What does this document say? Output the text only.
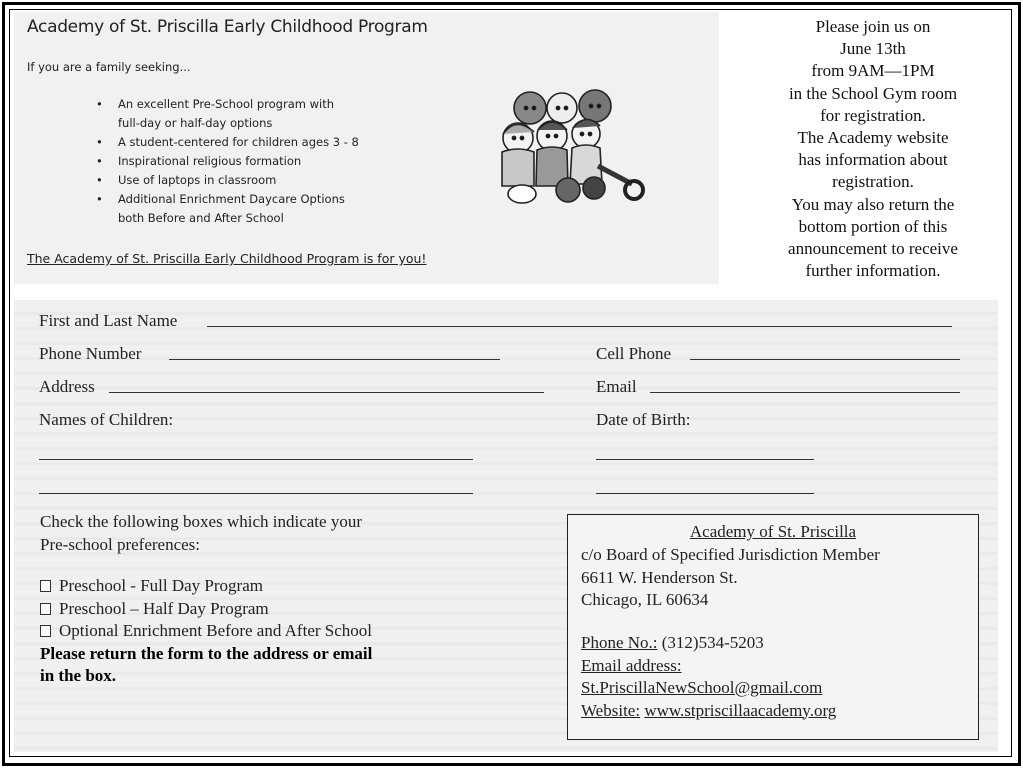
Academy of St. Priscilla Early Childhood Program
If you are a family seeking...
• An excellent Pre-School program with
full-day or half-day options
• A student-centered for children ages 3 - 8
• Inspirational religious formation
• Use of laptops in classroom
• Additional Enrichment Daycare Options
both Before and After School
The Academy of St. Priscilla Early Childhood Program is for you!
Please join us on
June 13th
from 9AM—1PM
in the School Gym room
for registration.
The Academy website
has information about
registration.
You may also return the
bottom portion of this
announcement to receive
further information.
First and Last Name
Phone Number	Cell Phone
Address	Email
Names of Children:	Date of Birth:
Check the following boxes which indicate your
Pre-school preferences:
Preschool - Full Day Program
Preschool – Half Day Program
Optional Enrichment Before and After School
Please return the form to the address or email
in the box.
Academy of St. Priscilla
c/o Board of Specified Jurisdiction Member
6611 W. Henderson St.
Chicago, IL 60634
Phone No.: (312)534-5203
Email address:
St.PriscillaNewSchool@gmail.com
Website: www.stpriscillaacademy.org
